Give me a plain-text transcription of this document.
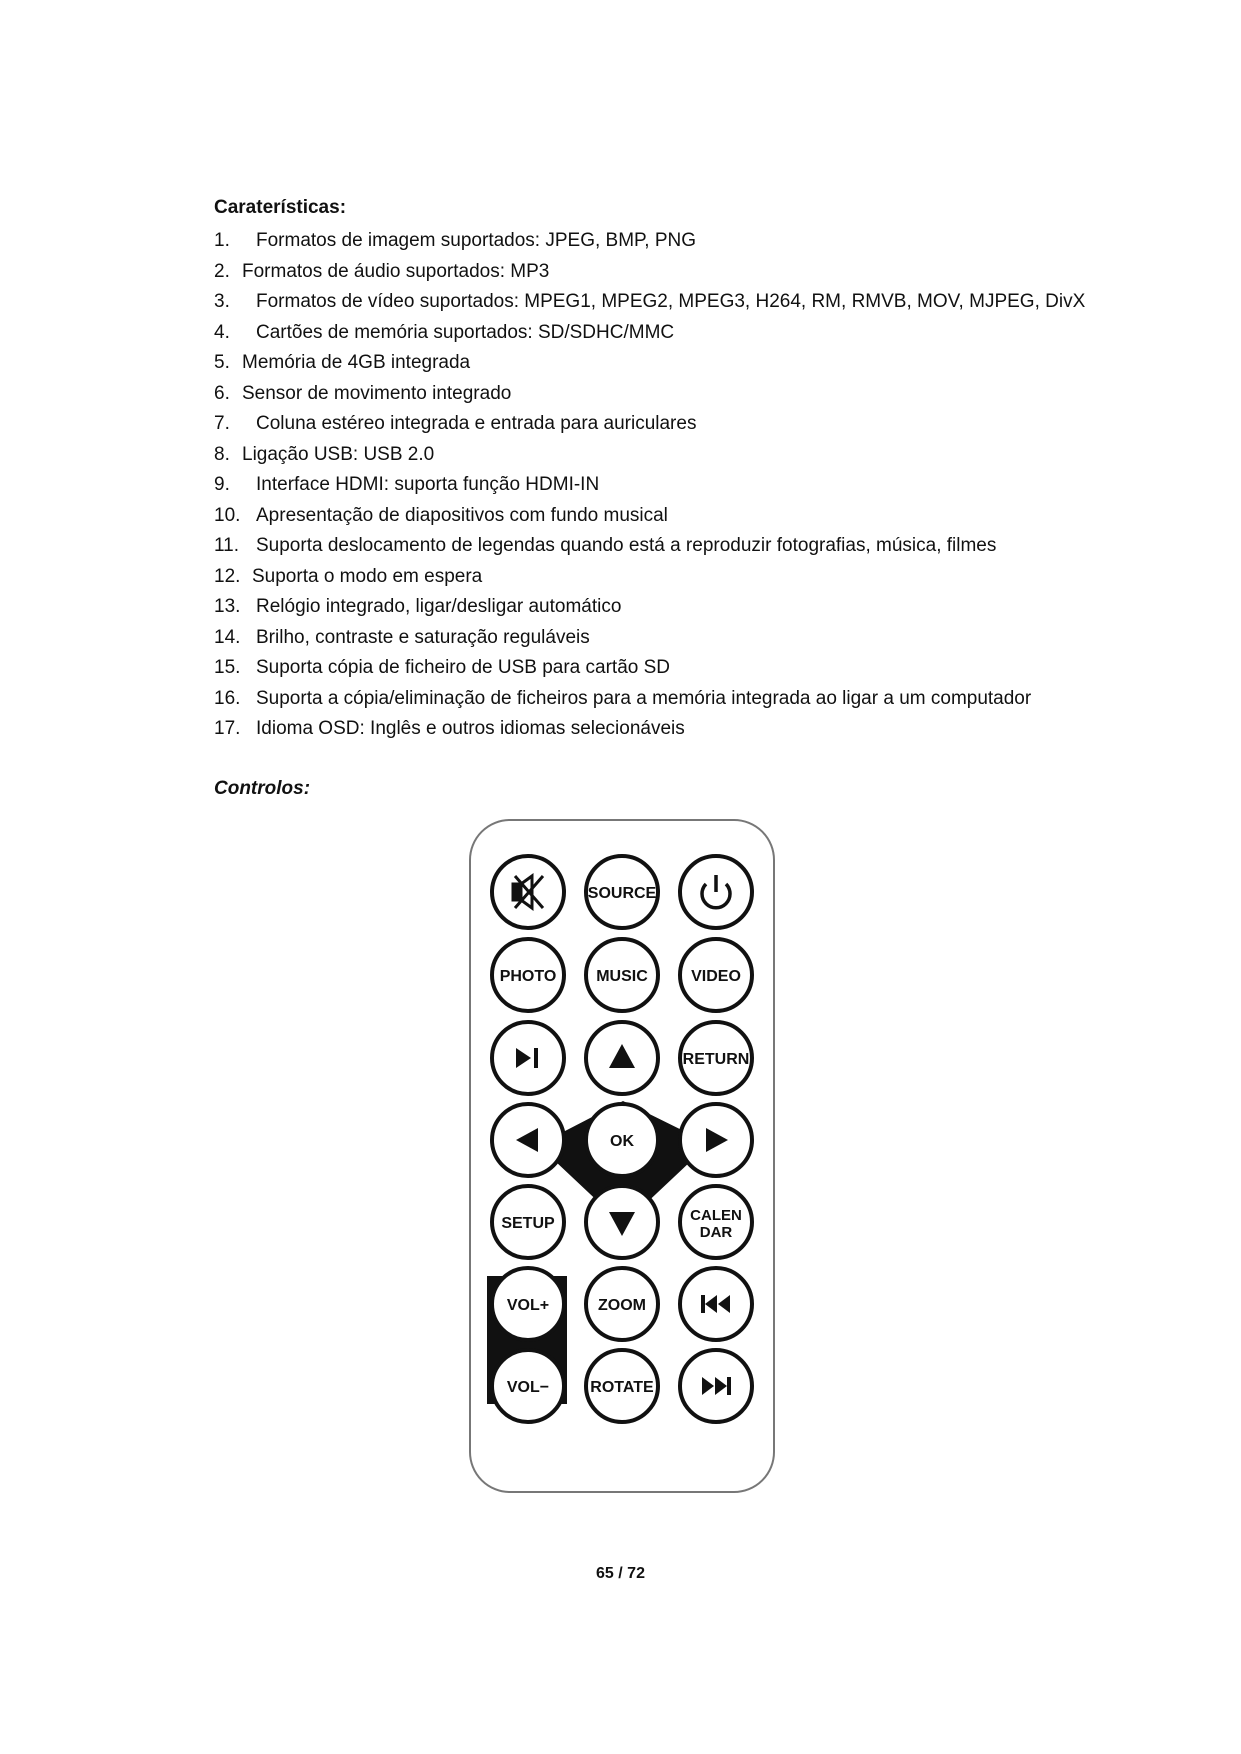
Caraterísticas:
1. Formatos de imagem suportados: JPEG, BMP, PNG
2. Formatos de áudio suportados: MP3
3. Formatos de vídeo suportados: MPEG1, MPEG2, MPEG3, H264, RM, RMVB, MOV, MJPEG, DivX
4. Cartões de memória suportados: SD/SDHC/MMC
5. Memória de 4GB integrada
6. Sensor de movimento integrado
7. Coluna estéreo integrada e entrada para auriculares
8. Ligação USB: USB 2.0
9. Interface HDMI: suporta função HDMI-IN
10. Apresentação de diapositivos com fundo musical
11. Suporta deslocamento de legendas quando está a reproduzir fotografias, música, filmes
12. Suporta o modo em espera
13. Relógio integrado, ligar/desligar automático
14. Brilho, contraste e saturação reguláveis
15. Suporta cópia de ficheiro de USB para cartão SD
16. Suporta a cópia/eliminação de ficheiros para a memória integrada ao ligar a um computador
17. Idioma OSD: Inglês e outros idiomas selecionáveis
Controlos:
SOURCE
PHOTO MUSIC	VIDEO
RETURN
OK
SETUP	CALEN
DAR
VOL+	ZOOM
VOL−	ROTATE
65 / 72
